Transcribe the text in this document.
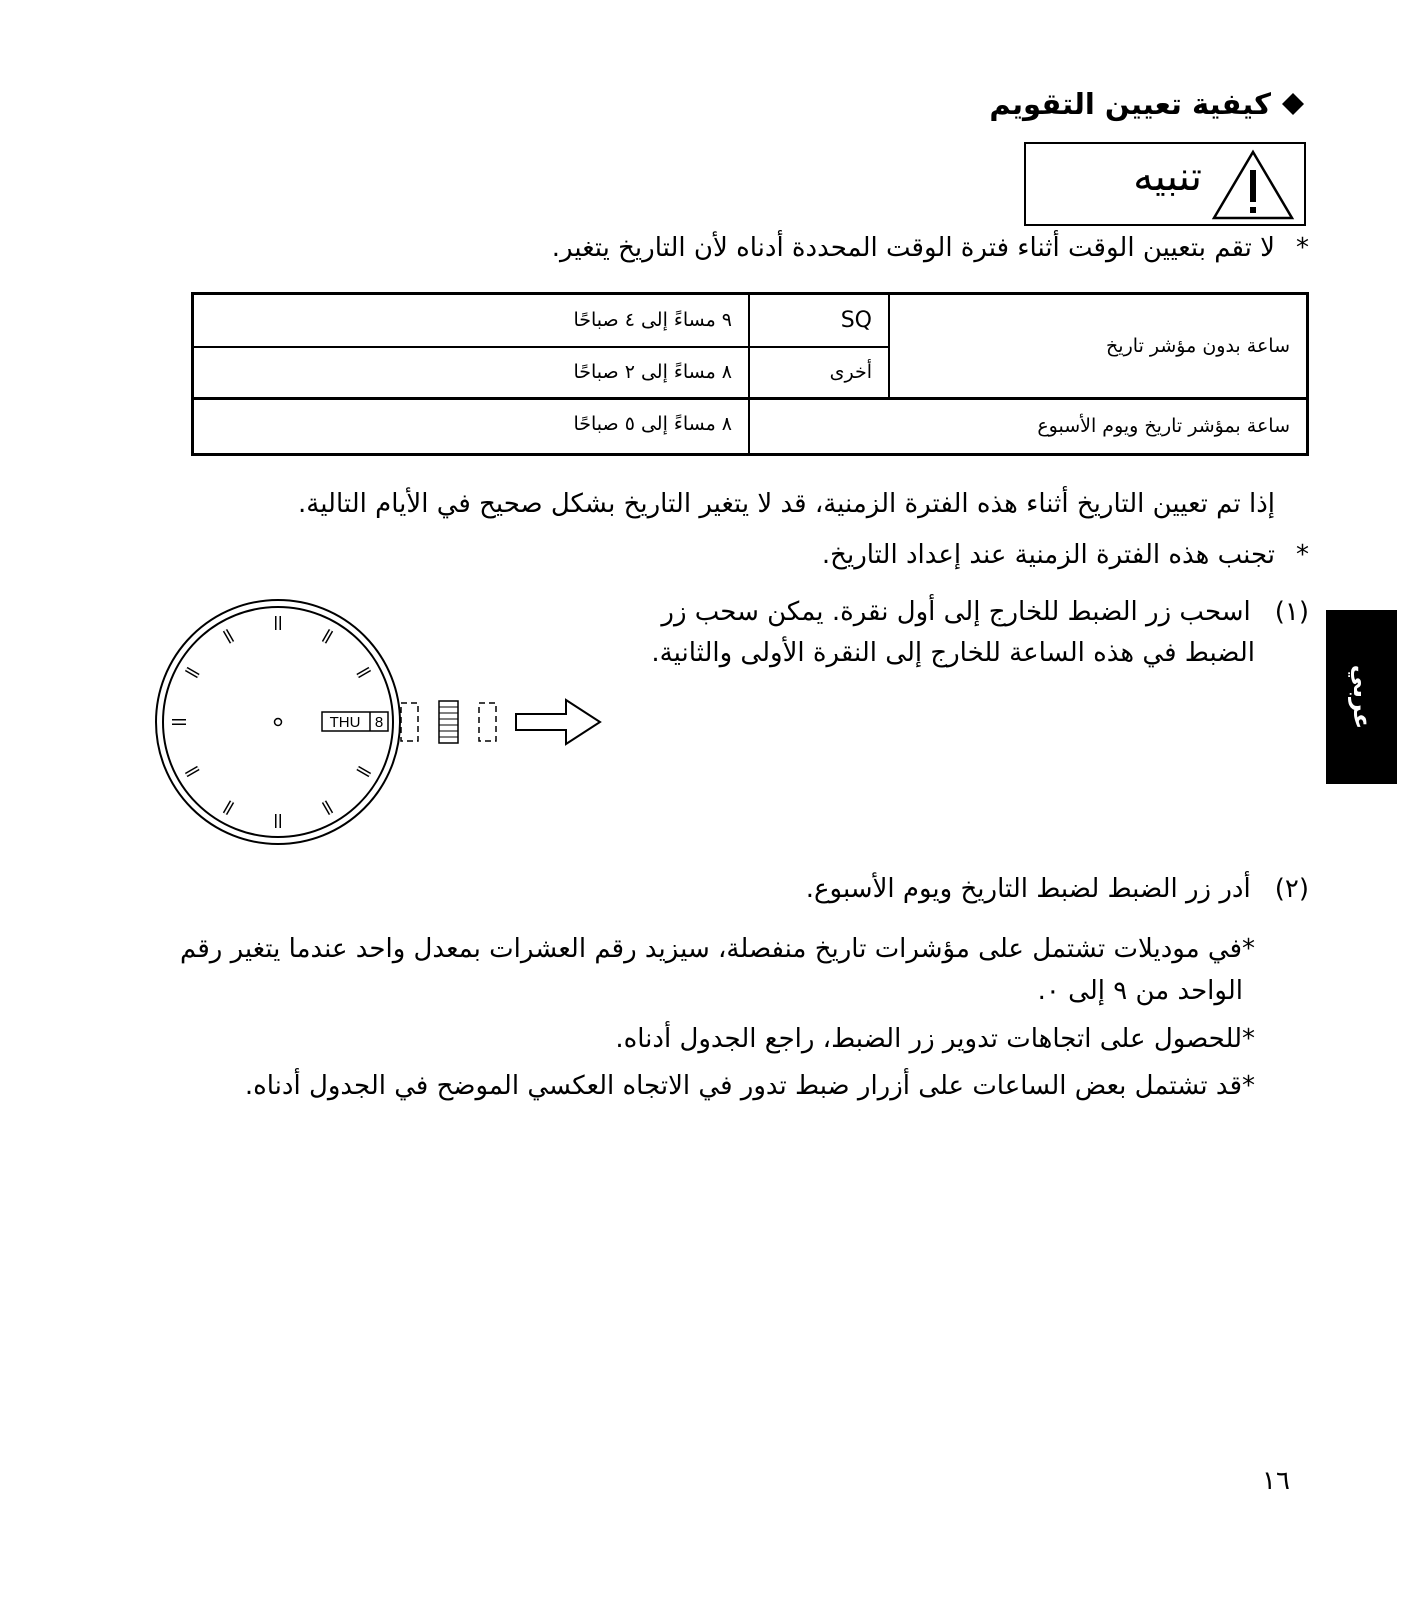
كيفية تعيين التقويم
تنبيه
*لا تقم بتعيين الوقت أثناء فترة الوقت المحددة أدناه لأن التاريخ يتغير.
ساعة بدون مؤشر تاريخ
ساعة بمؤشر تاريخ ويوم الأسبوع
SQ
أخرى
٩ مساءً إلى ٤ صباحًا
٨ مساءً إلى ٢ صباحًا
٨ مساءً إلى ٥ صباحًا
إذا تم تعيين التاريخ أثناء هذه الفترة الزمنية، قد لا يتغير التاريخ بشكل صحيح في الأيام التالية.
*تجنب هذه الفترة الزمنية عند إعداد التاريخ.
(١) اسحب زر الضبط للخارج إلى أول نقرة. يمكن سحب زر
الضبط في هذه الساعة للخارج إلى النقرة الأولى والثانية.
THU 8
(٢) أدر زر الضبط لضبط التاريخ ويوم الأسبوع.
*في موديلات تشتمل على مؤشرات تاريخ منفصلة، سيزيد رقم العشرات بمعدل واحد عندما يتغير رقم
الواحد من ٩ إلى ٠.
*للحصول على اتجاهات تدوير زر الضبط، راجع الجدول أدناه.
*قد تشتمل بعض الساعات على أزرار ضبط تدور في الاتجاه العكسي الموضح في الجدول أدناه.
عربي
١٦
